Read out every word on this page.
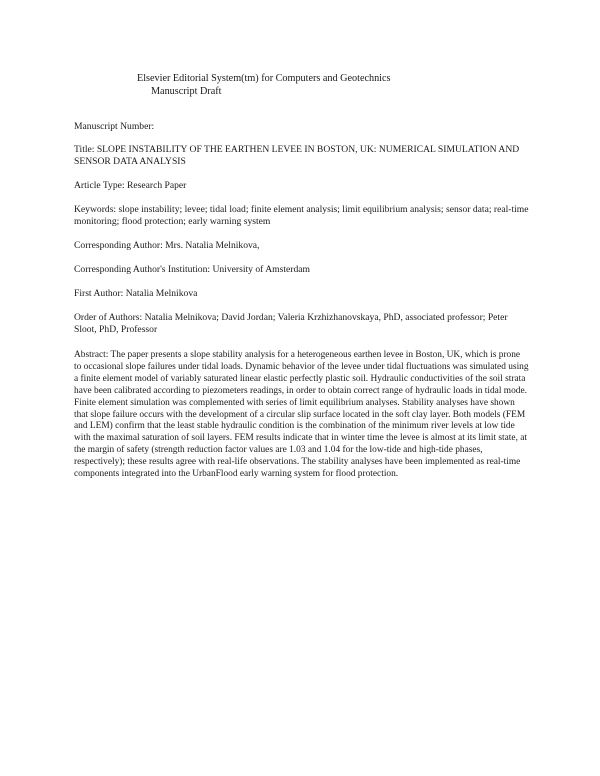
Elsevier Editorial System(tm) for Computers and Geotechnics
Manuscript Draft
Manuscript Number:
Title: SLOPE INSTABILITY OF THE EARTHEN LEVEE IN BOSTON, UK: NUMERICAL SIMULATION AND SENSOR DATA ANALYSIS
Article Type: Research Paper
Keywords: slope instability; levee; tidal load; finite element analysis; limit equilibrium analysis; sensor data; real-time monitoring; flood protection; early warning system
Corresponding Author: Mrs. Natalia Melnikova,
Corresponding Author's Institution: University of Amsterdam
First Author: Natalia Melnikova
Order of Authors: Natalia Melnikova; David Jordan; Valeria Krzhizhanovskaya, PhD, associated professor; Peter Sloot, PhD, Professor

Abstract: The paper presents a slope stability analysis for a heterogeneous earthen levee in Boston, UK, which is prone to occasional slope failures under tidal loads. Dynamic behavior of the levee under tidal fluctuations was simulated using a finite element model of variably saturated linear elastic perfectly plastic soil. Hydraulic conductivities of the soil strata have been calibrated according to piezometers readings, in order to obtain correct range of hydraulic loads in tidal mode. Finite element simulation was complemented with series of limit equilibrium analyses. Stability analyses have shown that slope failure occurs with the development of a circular slip surface located in the soft clay layer. Both models (FEM and LEM) confirm that the least stable hydraulic condition is the combination of the minimum river levels at low tide with the maximal saturation of soil layers. FEM results indicate that in winter time the levee is almost at its limit state, at the margin of safety (strength reduction factor values are 1.03 and 1.04 for the low-tide and high-tide phases, respectively); these results agree with real-life observations. The stability analyses have been implemented as real-time components integrated into the UrbanFlood early warning system for flood protection.
